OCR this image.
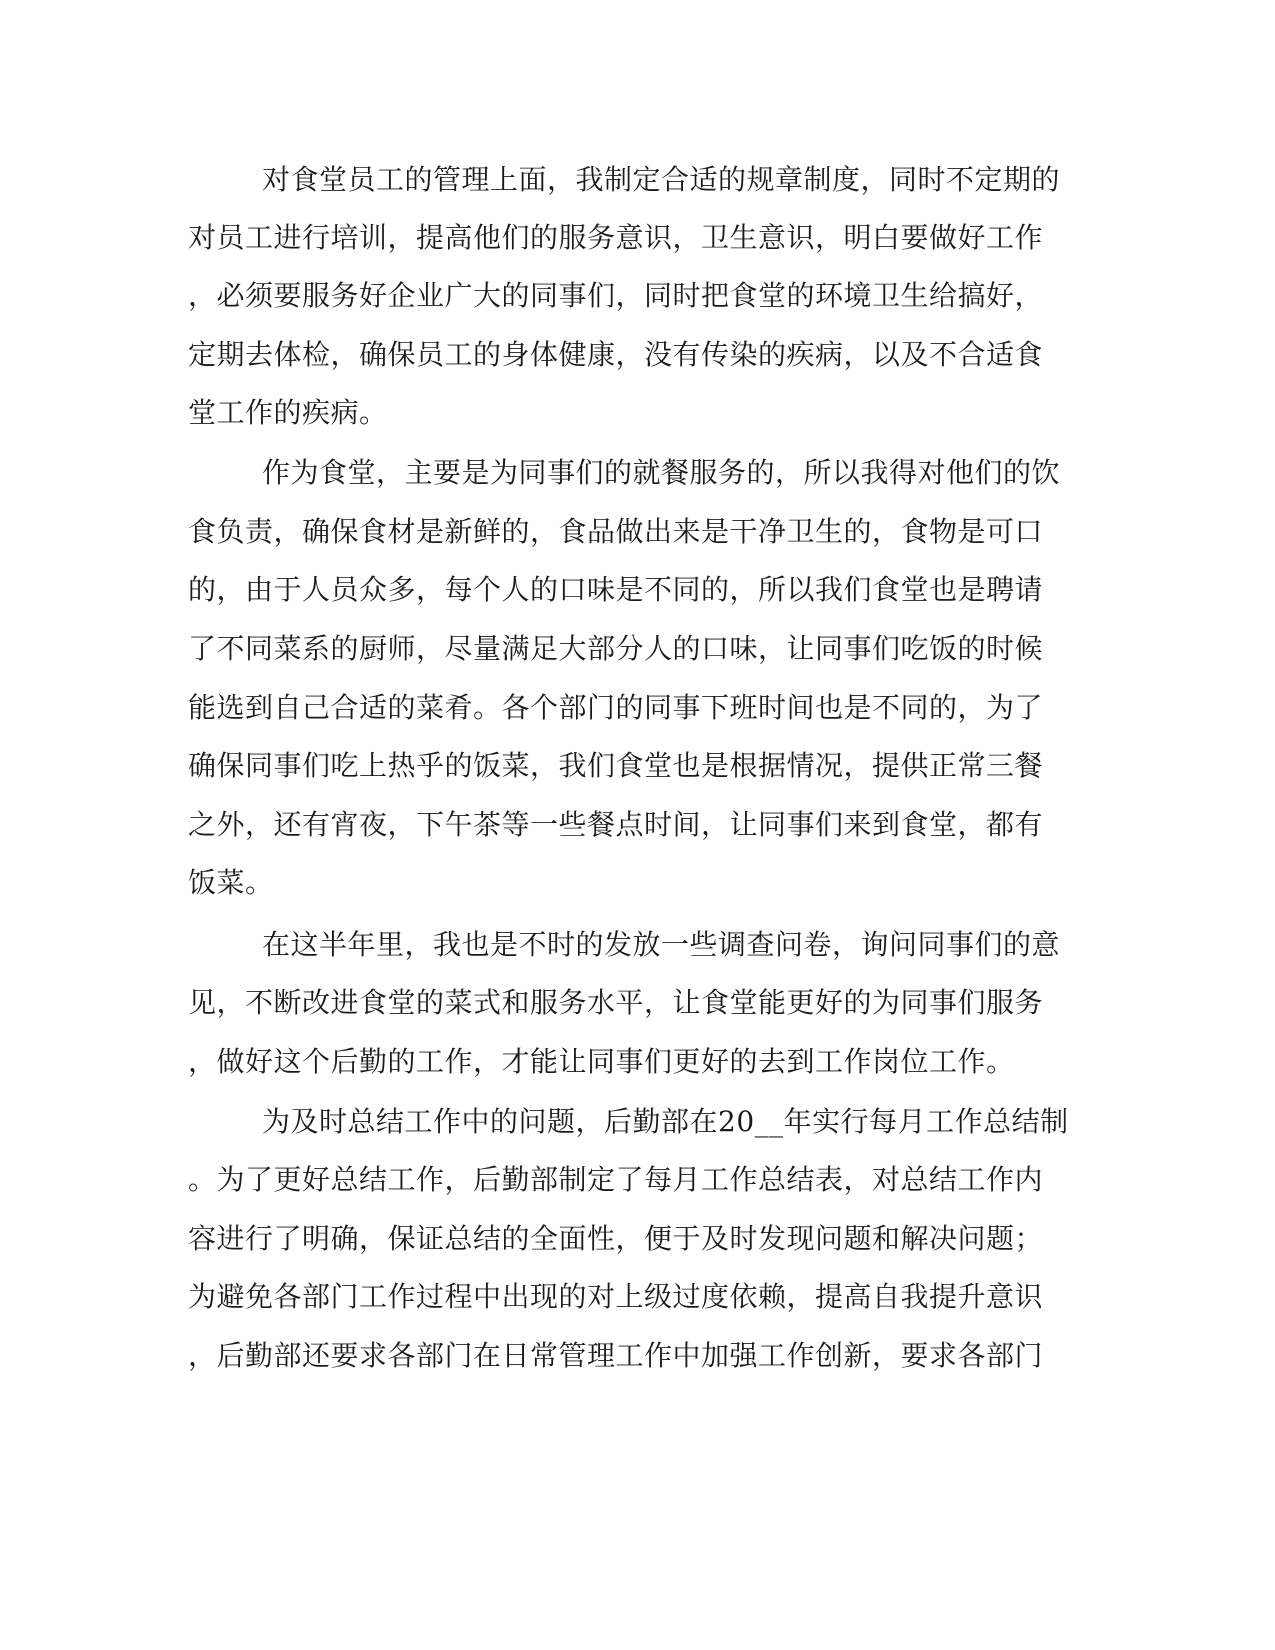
对食堂员工的管理上面，我制定合适的规章制度，同时不定期的
对员工进行培训，提高他们的服务意识，卫生意识，明白要做好工作
，必须要服务好企业广大的同事们，同时把食堂的环境卫生给搞好，
定期去体检，确保员工的身体健康，没有传染的疾病，以及不合适食
堂工作的疾病。
作为食堂，主要是为同事们的就餐服务的，所以我得对他们的饮
食负责，确保食材是新鲜的，食品做出来是干净卫生的，食物是可口
的，由于人员众多，每个人的口味是不同的，所以我们食堂也是聘请
了不同菜系的厨师，尽量满足大部分人的口味，让同事们吃饭的时候
能选到自己合适的菜肴。各个部门的同事下班时间也是不同的，为了
确保同事们吃上热乎的饭菜，我们食堂也是根据情况，提供正常三餐
之外，还有宵夜，下午茶等一些餐点时间，让同事们来到食堂，都有
饭菜。
在这半年里，我也是不时的发放一些调查问卷，询问同事们的意
见，不断改进食堂的菜式和服务水平，让食堂能更好的为同事们服务
，做好这个后勤的工作，才能让同事们更好的去到工作岗位工作。
为及时总结工作中的问题，后勤部在20__年实行每月工作总结制
。为了更好总结工作，后勤部制定了每月工作总结表，对总结工作内
容进行了明确，保证总结的全面性，便于及时发现问题和解决问题；
为避免各部门工作过程中出现的对上级过度依赖，提高自我提升意识
，后勤部还要求各部门在日常管理工作中加强工作创新，要求各部门
